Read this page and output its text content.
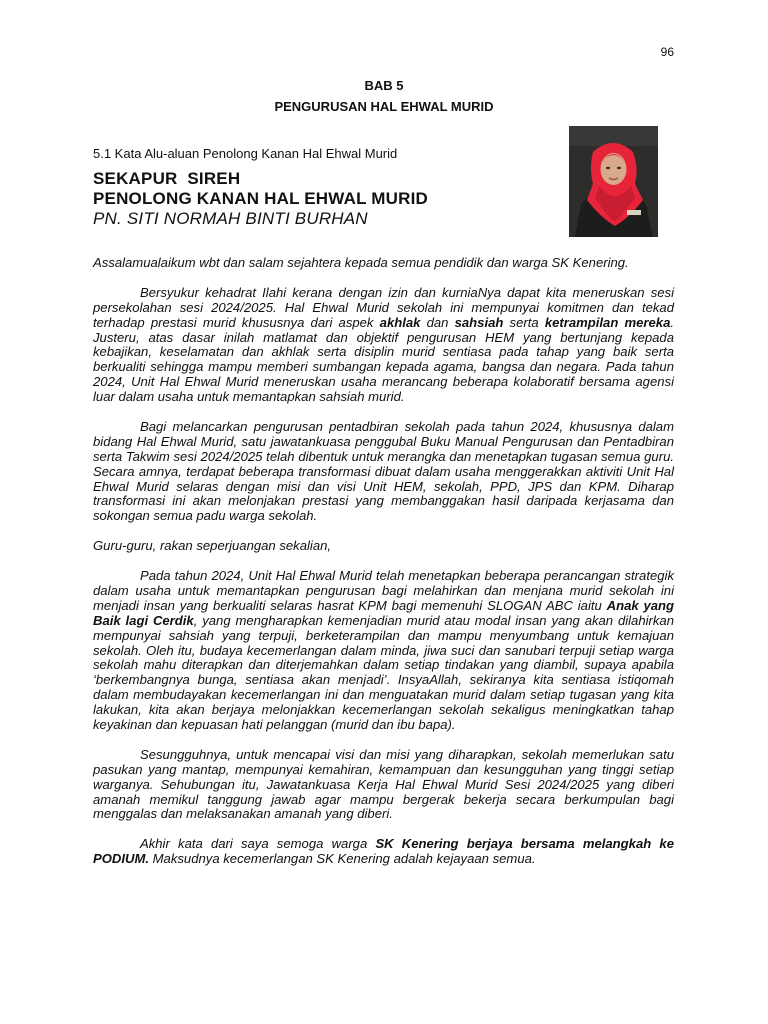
96
BAB 5
PENGURUSAN HAL EHWAL MURID
5.1 Kata Alu-aluan Penolong Kanan Hal Ehwal Murid
SEKAPUR  SIREH
PENOLONG KANAN HAL EHWAL MURID
PN. SITI NORMAH BINTI BURHAN

Assalamualaikum wbt dan salam sejahtera kepada semua pendidik dan warga SK Kenering.

Bersyukur kehadrat Ilahi kerana dengan izin dan kurniaNya dapat kita meneruskan sesi persekolahan sesi 2024/2025. Hal Ehwal Murid sekolah ini mempunyai komitmen dan tekad terhadap prestasi murid khususnya dari aspek akhlak dan sahsiah serta ketrampilan mereka. Justeru, atas dasar inilah matlamat dan objektif pengurusan HEM yang bertunjang kepada kebajikan, keselamatan dan akhlak serta disiplin murid sentiasa pada tahap yang baik serta berkualiti sehingga mampu memberi sumbangan kepada agama, bangsa dan negara. Pada tahun 2024, Unit Hal Ehwal Murid meneruskan usaha merancang beberapa kolaboratif bersama agensi luar dalam usaha untuk memantapkan sahsiah murid.

Bagi melancarkan pengurusan pentadbiran sekolah pada tahun 2024, khususnya dalam bidang Hal Ehwal Murid, satu jawatankuasa penggubal Buku Manual Pengurusan dan Pentadbiran serta Takwim sesi 2024/2025 telah dibentuk untuk merangka dan menetapkan tugasan semua guru. Secara amnya, terdapat beberapa transformasi dibuat dalam usaha menggerakkan aktiviti Unit Hal Ehwal Murid selaras dengan misi dan visi Unit HEM, sekolah, PPD, JPS dan KPM. Diharap transformasi ini akan melonjakan prestasi yang membanggakan hasil daripada kerjasama dan sokongan semua padu warga sekolah.

Guru-guru, rakan seperjuangan sekalian,

Pada tahun 2024, Unit Hal Ehwal Murid telah menetapkan beberapa perancangan strategik dalam usaha untuk memantapkan pengurusan bagi melahirkan dan menjana murid sekolah ini menjadi insan yang berkualiti selaras hasrat KPM bagi memenuhi SLOGAN ABC iaitu Anak yang Baik lagi Cerdik, yang mengharapkan kemenjadian murid atau modal insan yang akan dilahirkan mempunyai sahsiah yang terpuji, berketerampilan dan mampu menyumbang untuk kemajuan sekolah. Oleh itu, budaya kecemerlangan dalam minda, jiwa suci dan sanubari terpuji setiap warga sekolah mahu diterapkan dan diterjemahkan dalam setiap tindakan yang diambil, supaya apabila ‘berkembangnya bunga, sentiasa akan menjadi’. InsyaAllah, sekiranya kita sentiasa istiqomah dalam membudayakan kecemerlangan ini dan menguatakan murid dalam setiap tugasan yang kita lakukan, kita akan berjaya melonjakkan kecemerlangan sekolah sekaligus meningkatkan tahap keyakinan dan kepuasan hati pelanggan (murid dan ibu bapa).

Sesungguhnya, untuk mencapai visi dan misi yang diharapkan, sekolah memerlukan satu pasukan yang mantap, mempunyai kemahiran, kemampuan dan kesungguhan yang tinggi setiap warganya. Sehubungan itu, Jawatankuasa Kerja Hal Ehwal Murid Sesi 2024/2025 yang diberi amanah memikul tanggung jawab agar mampu bergerak bekerja secara berkumpulan bagi menggalas dan melaksanakan amanah yang diberi.

Akhir kata dari saya semoga warga SK Kenering berjaya bersama melangkah ke PODIUM. Maksudnya kecemerlangan SK Kenering adalah kejayaan semua.
